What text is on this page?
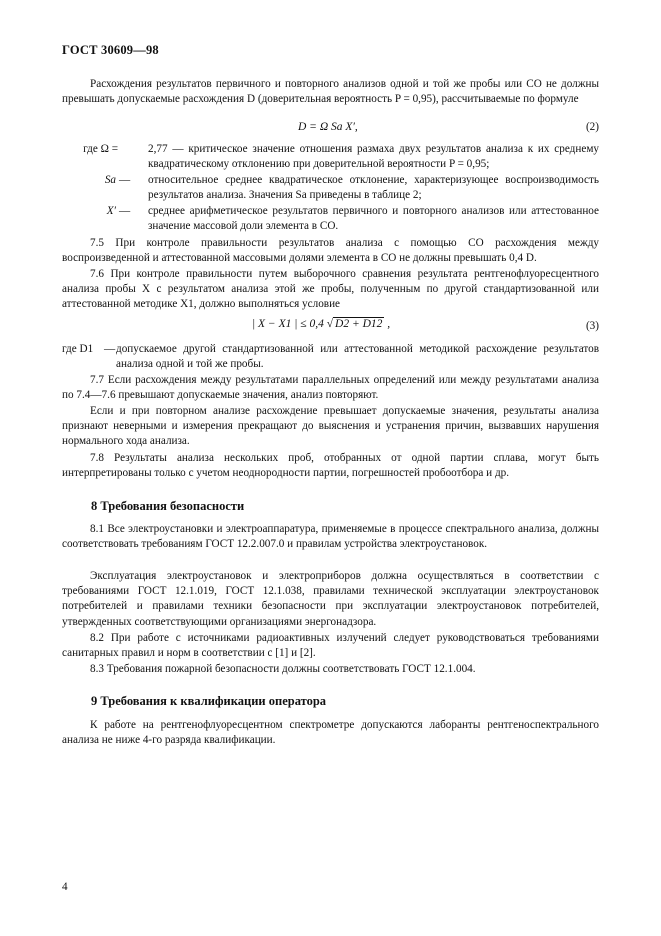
ГОСТ 30609—98

Расхождения результатов первичного и повторного анализов одной и той же пробы или СО не должны превышать допускаемые расхождения D (доверительная вероятность P = 0,95), рассчитываемые по формуле

D = Ω Sa X′,	(2)
где Ω =	2,77 — критическое значение отношения размаха двух результатов анализа к их среднему квадратическому отклонению при доверительной вероятности P = 0,95;
Sa — относительное среднее квадратическое отклонение, характеризующее воспроизводимость результатов анализа. Значения Sa приведены в таблице 2;
X′ — среднее арифметическое результатов первичного и повторного анализов или аттестованное значение массовой доли элемента в СО.

7.5 При контроле правильности результатов анализа с помощью СО расхождения между воспроизведенной и аттестованной массовыми долями элемента в СО не должны превышать 0,4 D.

7.6 При контроле правильности путем выборочного сравнения результата рентгенофлуоресцентного анализа пробы X с результатом анализа этой же пробы, полученным по другой стандартизованной или аттестованной методике X1, должно выполняться условие

| X − X1 | ≤ 0,4 √ D2 + D12 ,	(3)
где D1 — допускаемое другой стандартизованной или аттестованной методикой расхождение результатов анализа одной и той же пробы.

7.7 Если расхождения между результатами параллельных определений или между результатами анализа по 7.4—7.6 превышают допускаемые значения, анализ повторяют.

Если и при повторном анализе расхождение превышает допускаемые значения, результаты анализа признают неверными и измерения прекращают до выяснения и устранения причин, вызвавших нарушения нормального хода анализа.

7.8 Результаты анализа нескольких проб, отобранных от одной партии сплава, могут быть интерпретированы только с учетом неоднородности партии, погрешностей пробоотбора и др.

8 Требования безопасности

8.1 Все электроустановки и электроаппаратура, применяемые в процессе спектрального анализа, должны соответствовать требованиям ГОСТ 12.2.007.0 и правилам устройства электроустановок.

Эксплуатация электроустановок и электроприборов должна осуществляться в соответствии с требованиями ГОСТ 12.1.019, ГОСТ 12.1.038, правилами технической эксплуатации электроустановок потребителей и правилами техники безопасности при эксплуатации электроустановок потребителей, утвержденных соответствующими организациями энергонадзора.

8.2 При работе с источниками радиоактивных излучений следует руководствоваться требованиями санитарных правил и норм в соответствии с [1] и [2].

8.3 Требования пожарной безопасности должны соответствовать ГОСТ 12.1.004.

9 Требования к квалификации оператора

К работе на рентгенофлуоресцентном спектрометре допускаются лаборанты рентгеноспектрального анализа не ниже 4-го разряда квалификации.

4
